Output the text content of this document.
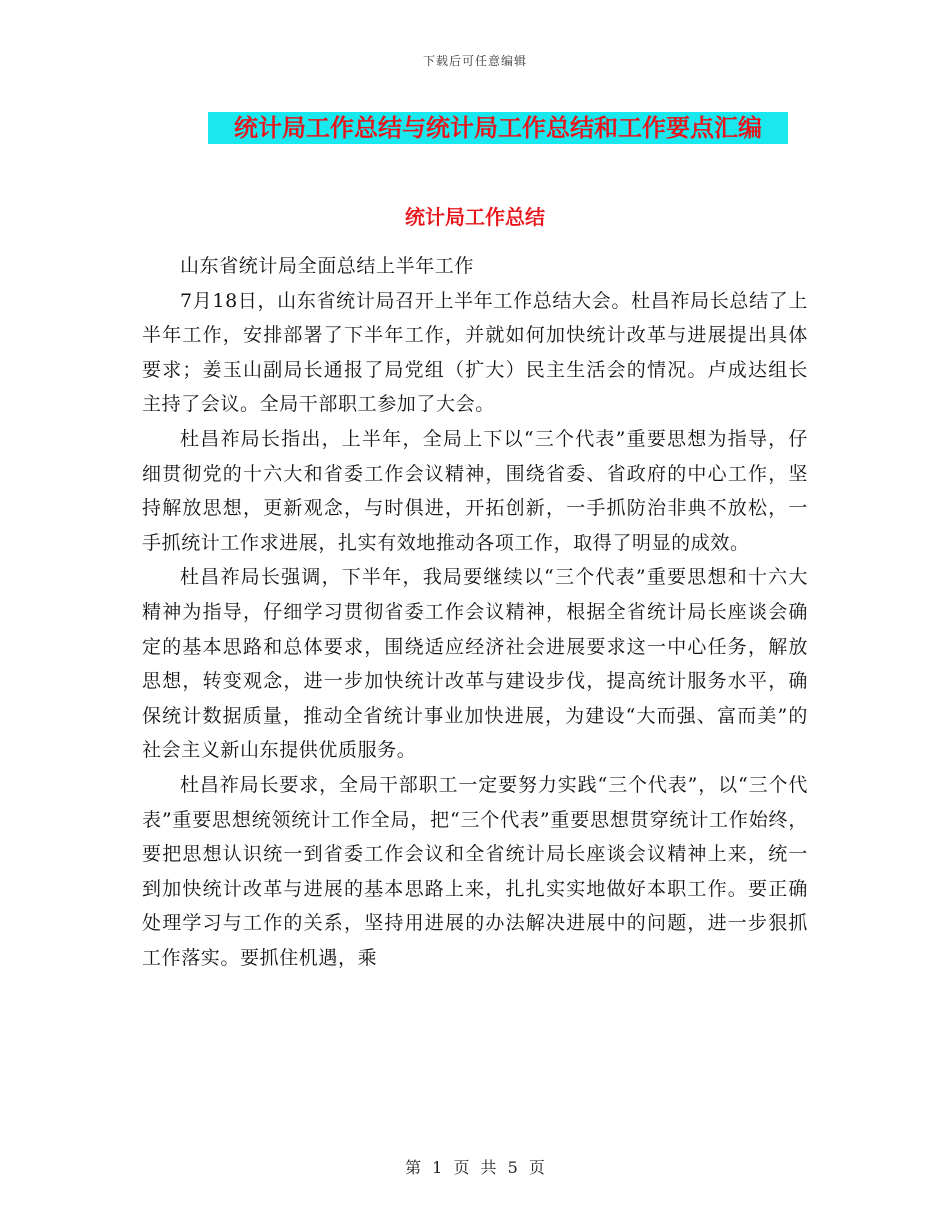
下载后可任意编辑
统计局工作总结与统计局工作总结和工作要点汇编
统计局工作总结

山东省统计局全面总结上半年工作

7月18日，山东省统计局召开上半年工作总结大会。杜昌祚局长总结了上半年工作，安排部署了下半年工作，并就如何加快统计改革与进展提出具体要求；姜玉山副局长通报了局党组（扩大）民主生活会的情况。卢成达组长主持了会议。全局干部职工参加了大会。

杜昌祚局长指出，上半年，全局上下以“三个代表”重要思想为指导，仔细贯彻党的十六大和省委工作会议精神，围绕省委、省政府的中心工作，坚持解放思想，更新观念，与时俱进，开拓创新，一手抓防治非典不放松，一手抓统计工作求进展，扎实有效地推动各项工作，取得了明显的成效。

杜昌祚局长强调，下半年，我局要继续以“三个代表”重要思想和十六大精神为指导，仔细学习贯彻省委工作会议精神，根据全省统计局长座谈会确定的基本思路和总体要求，围绕适应经济社会进展要求这一中心任务，解放思想，转变观念，进一步加快统计改革与建设步伐，提高统计服务水平，确保统计数据质量，推动全省统计事业加快进展，为建设“大而强、富而美”的社会主义新山东提供优质服务。

杜昌祚局长要求，全局干部职工一定要努力实践“三个代表”，以“三个代表”重要思想统领统计工作全局，把“三个代表”重要思想贯穿统计工作始终，要把思想认识统一到省委工作会议和全省统计局长座谈会议精神上来，统一到加快统计改革与进展的基本思路上来，扎扎实实地做好本职工作。要正确处理学习与工作的关系，坚持用进展的办法解决进展中的问题，进一步狠抓工作落实。要抓住机遇，乘

第 1 页 共 5 页
